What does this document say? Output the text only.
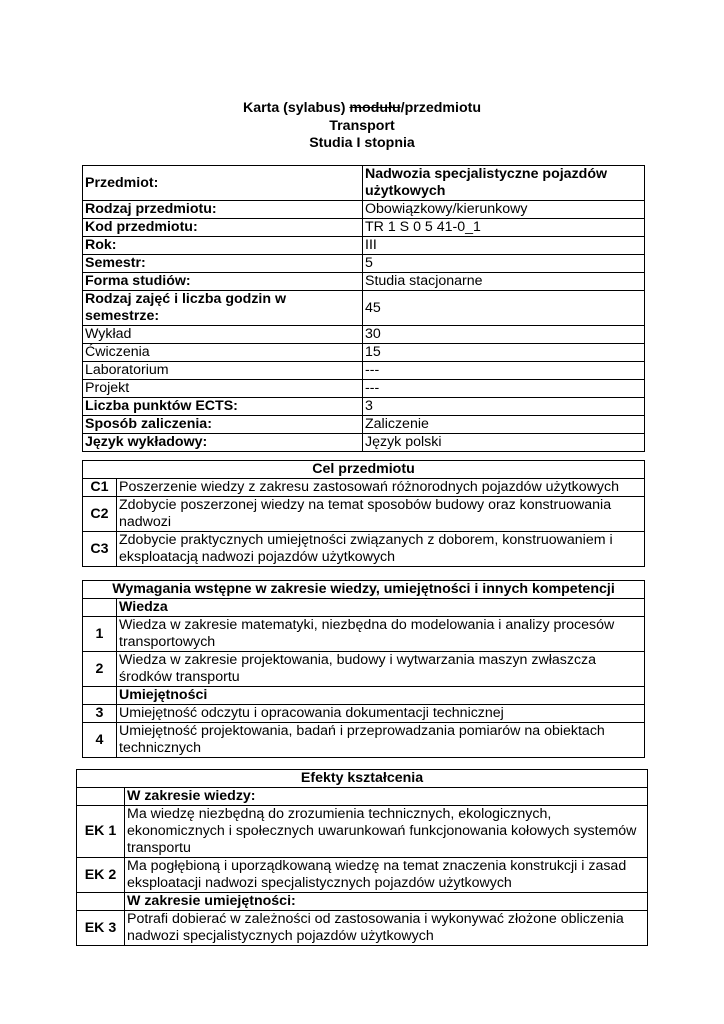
Karta (sylabus) modułu/przedmiotu
Transport
Studia I stopnia
Przedmiot:	Nadwozia specjalistyczne pojazdów użytkowych
Rodzaj przedmiotu:	Obowiązkowy/kierunkowy
Kod przedmiotu:	TR 1 S 0 5 41-0_1
Rok:	III
Semestr:	5
Forma studiów:	Studia stacjonarne
Rodzaj zajęć i liczba godzin w semestrze:	45
Wykład	30
Ćwiczenia	15
Laboratorium	---
Projekt	---
Liczba punktów ECTS:	3
Sposób zaliczenia:	Zaliczenie
Język wykładowy:	Język polski
Cel przedmiotu	
C1	Poszerzenie wiedzy z zakresu zastosowań różnorodnych pojazdów użytkowych
C2	Zdobycie poszerzonej wiedzy na temat sposobów budowy oraz konstruowania nadwozi
C3	Zdobycie praktycznych umiejętności związanych z doborem, konstruowaniem i eksploatacją nadwozi pojazdów użytkowych
Wymagania wstępne w zakresie wiedzy, umiejętności i innych kompetencji	
	Wiedza
1	Wiedza w zakresie matematyki, niezbędna do modelowania i analizy procesów transportowych
2	Wiedza w zakresie projektowania, budowy i wytwarzania maszyn zwłaszcza środków transportu
	Umiejętności
3	Umiejętność odczytu i opracowania dokumentacji technicznej
4	Umiejętność projektowania, badań i przeprowadzania pomiarów na obiektach technicznych
Efekty kształcenia	
	W zakresie wiedzy:
EK 1	Ma wiedzę niezbędną do zrozumienia technicznych, ekologicznych, ekonomicznych i społecznych uwarunkowań funkcjonowania kołowych systemów transportu
EK 2	Ma pogłębioną i uporządkowaną wiedzę na temat znaczenia konstrukcji i zasad eksploatacji nadwozi specjalistycznych pojazdów użytkowych
	W zakresie umiejętności:
EK 3	Potrafi dobierać w zależności od zastosowania i wykonywać złożone obliczenia nadwozi specjalistycznych pojazdów użytkowych
